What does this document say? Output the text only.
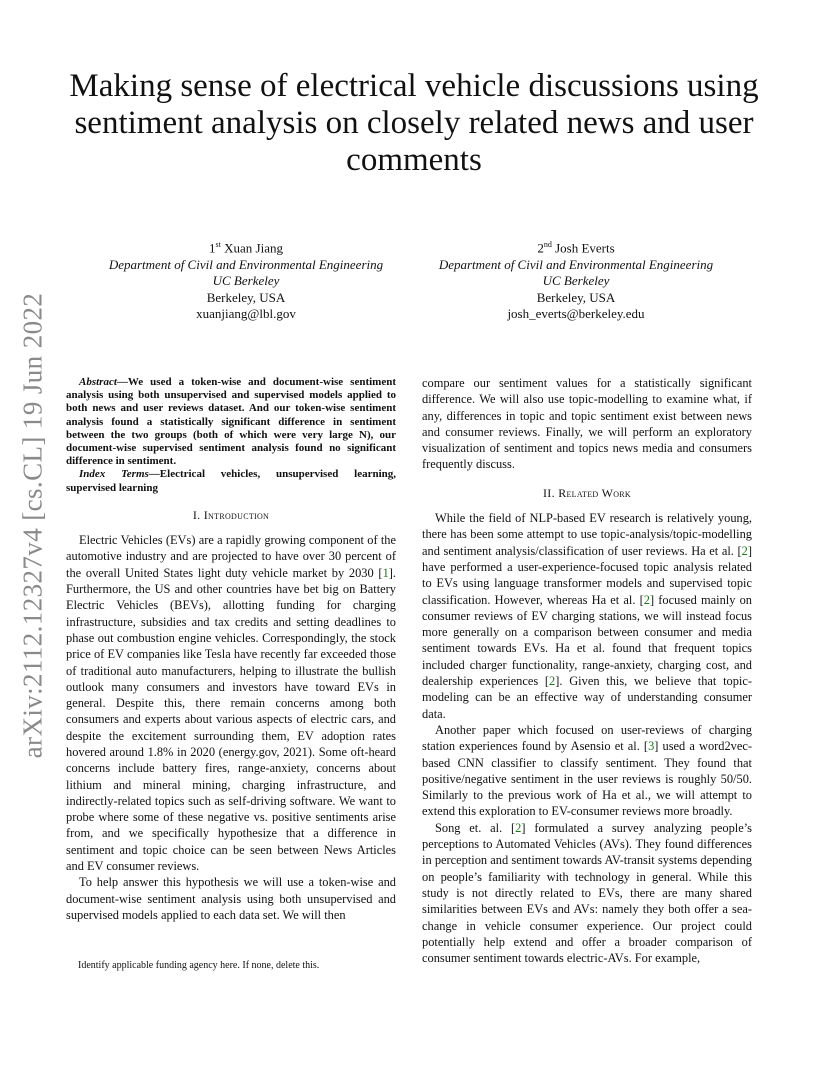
arXiv:2112.12327v4 [cs.CL] 19 Jun 2022
Making sense of electrical vehicle discussions using sentiment analysis on closely related news and user comments
1st Xuan Jiang
Department of Civil and Environmental Engineering
UC Berkeley
Berkeley, USA
xuanjiang@lbl.gov
2nd Josh Everts
Department of Civil and Environmental Engineering
UC Berkeley
Berkeley, USA
josh_everts@berkeley.edu

Abstract—We used a token-wise and document-wise sentiment analysis using both unsupervised and supervised models applied to both news and user reviews dataset. And our token-wise sentiment analysis found a statistically significant difference in sentiment between the two groups (both of which were very large N), our document-wise supervised sentiment analysis found no significant difference in sentiment.

Index Terms—Electrical vehicles, unsupervised learning, supervised learning

I. Introduction

Electric Vehicles (EVs) are a rapidly growing component of the automotive industry and are projected to have over 30 percent of the overall United States light duty vehicle market by 2030 [1]. Furthermore, the US and other countries have bet big on Battery Electric Vehicles (BEVs), allotting funding for charging infrastructure, subsidies and tax credits and setting deadlines to phase out combustion engine vehicles. Correspondingly, the stock price of EV companies like Tesla have recently far exceeded those of traditional auto manufacturers, helping to illustrate the bullish outlook many consumers and investors have toward EVs in general. Despite this, there remain concerns among both consumers and experts about various aspects of electric cars, and despite the excitement surrounding them, EV adoption rates hovered around 1.8% in 2020 (energy.gov, 2021). Some oft-heard concerns include battery fires, range-anxiety, concerns about lithium and mineral mining, charging infrastructure, and indirectly-related topics such as self-driving software. We want to probe where some of these negative vs. positive sentiments arise from, and we specifically hypothesize that a difference in sentiment and topic choice can be seen between News Articles and EV consumer reviews.

To help answer this hypothesis we will use a token-wise and document-wise sentiment analysis using both unsupervised and supervised models applied to each data set. We will then

compare our sentiment values for a statistically significant difference. We will also use topic-modelling to examine what, if any, differences in topic and topic sentiment exist between news and consumer reviews. Finally, we will perform an exploratory visualization of sentiment and topics news media and consumers frequently discuss.

II. Related Work

While the field of NLP-based EV research is relatively young, there has been some attempt to use topic-analysis/topic-modelling and sentiment analysis/classification of user reviews. Ha et al. [2] have performed a user-experience-focused topic analysis related to EVs using language transformer models and supervised topic classification. However, whereas Ha et al. [2] focused mainly on consumer reviews of EV charging stations, we will instead focus more generally on a comparison between consumer and media sentiment towards EVs. Ha et al. found that frequent topics included charger functionality, range-anxiety, charging cost, and dealership experiences [2]. Given this, we believe that topic-modeling can be an effective way of understanding consumer data.

Another paper which focused on user-reviews of charging station experiences found by Asensio et al. [3] used a word2vec-based CNN classifier to classify sentiment. They found that positive/negative sentiment in the user reviews is roughly 50/50. Similarly to the previous work of Ha et al., we will attempt to extend this exploration to EV-consumer reviews more broadly.

Song et. al. [2] formulated a survey analyzing people’s perceptions to Automated Vehicles (AVs). They found differences in perception and sentiment towards AV-transit systems depending on people’s familiarity with technology in general. While this study is not directly related to EVs, there are many shared similarities between EVs and AVs: namely they both offer a sea-change in vehicle consumer experience. Our project could potentially help extend and offer a broader comparison of consumer sentiment towards electric-AVs. For example,

Identify applicable funding agency here. If none, delete this.
